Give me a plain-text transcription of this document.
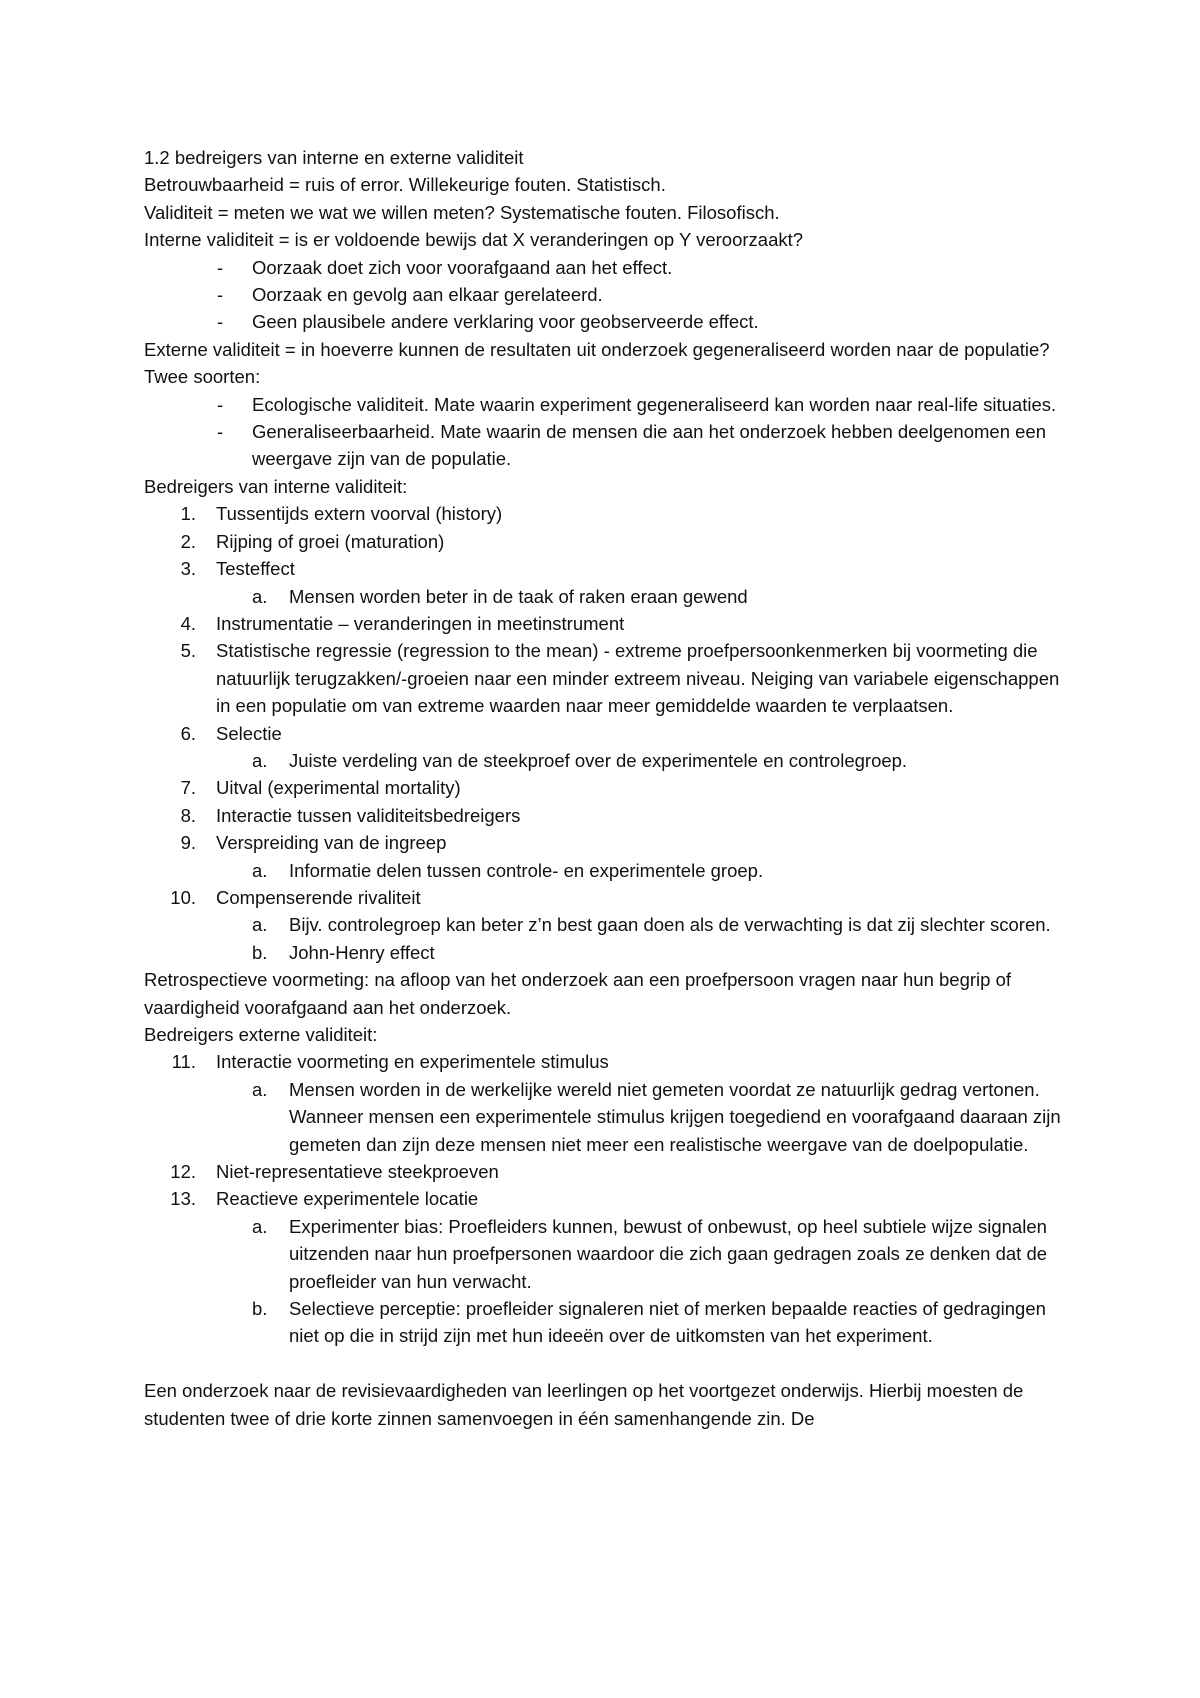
1.2 bedreigers van interne en externe validiteit

Betrouwbaarheid = ruis of error. Willekeurige fouten. Statistisch.

Validiteit = meten we wat we willen meten? Systematische fouten. Filosofisch.

Interne validiteit = is er voldoende bewijs dat X veranderingen op Y veroorzaakt?

- Oorzaak doet zich voor voorafgaand aan het effect.
- Oorzaak en gevolg aan elkaar gerelateerd.
- Geen plausibele andere verklaring voor geobserveerde effect.

Externe validiteit = in hoeverre kunnen de resultaten uit onderzoek gegeneraliseerd worden naar de populatie? Twee soorten:

- Ecologische validiteit. Mate waarin experiment gegeneraliseerd kan worden naar real-life situaties.
- Generaliseerbaarheid. Mate waarin de mensen die aan het onderzoek hebben deelgenomen een weergave zijn van de populatie.

Bedreigers van interne validiteit:

1. Tussentijds extern voorval (history)
2. Rijping of groei (maturation)
3. Testeffect
a. Mensen worden beter in de taak of raken eraan gewend
4. Instrumentatie – veranderingen in meetinstrument
5. Statistische regressie (regression to the mean) - extreme proefpersoonkenmerken bij voormeting die natuurlijk terugzakken/-groeien naar een minder extreem niveau. Neiging van variabele eigenschappen in een populatie om van extreme waarden naar meer gemiddelde waarden te verplaatsen.
6. Selectie
a. Juiste verdeling van de steekproef over de experimentele en controlegroep.
7. Uitval (experimental mortality)
8. Interactie tussen validiteitsbedreigers
9. Verspreiding van de ingreep
a. Informatie delen tussen controle- en experimentele groep.
10. Compenserende rivaliteit
a. Bijv. controlegroep kan beter z’n best gaan doen als de verwachting is dat zij slechter scoren.
b. John-Henry effect

Retrospectieve voormeting: na afloop van het onderzoek aan een proefpersoon vragen naar hun begrip of vaardigheid voorafgaand aan het onderzoek.

Bedreigers externe validiteit:

11. Interactie voormeting en experimentele stimulus
a. Mensen worden in de werkelijke wereld niet gemeten voordat ze natuurlijk gedrag vertonen. Wanneer mensen een experimentele stimulus krijgen toegediend en voorafgaand daaraan zijn gemeten dan zijn deze mensen niet meer een realistische weergave van de doelpopulatie.
12. Niet-representatieve steekproeven
13. Reactieve experimentele locatie
a. Experimenter bias: Proefleiders kunnen, bewust of onbewust, op heel subtiele wijze signalen uitzenden naar hun proefpersonen waardoor die zich gaan gedragen zoals ze denken dat de proefleider van hun verwacht.
b. Selectieve perceptie: proefleider signaleren niet of merken bepaalde reacties of gedragingen niet op die in strijd zijn met hun ideeën over de uitkomsten van het experiment.

Een onderzoek naar de revisievaardigheden van leerlingen op het voortgezet onderwijs. Hierbij moesten de studenten twee of drie korte zinnen samenvoegen in één samenhangende zin. De
